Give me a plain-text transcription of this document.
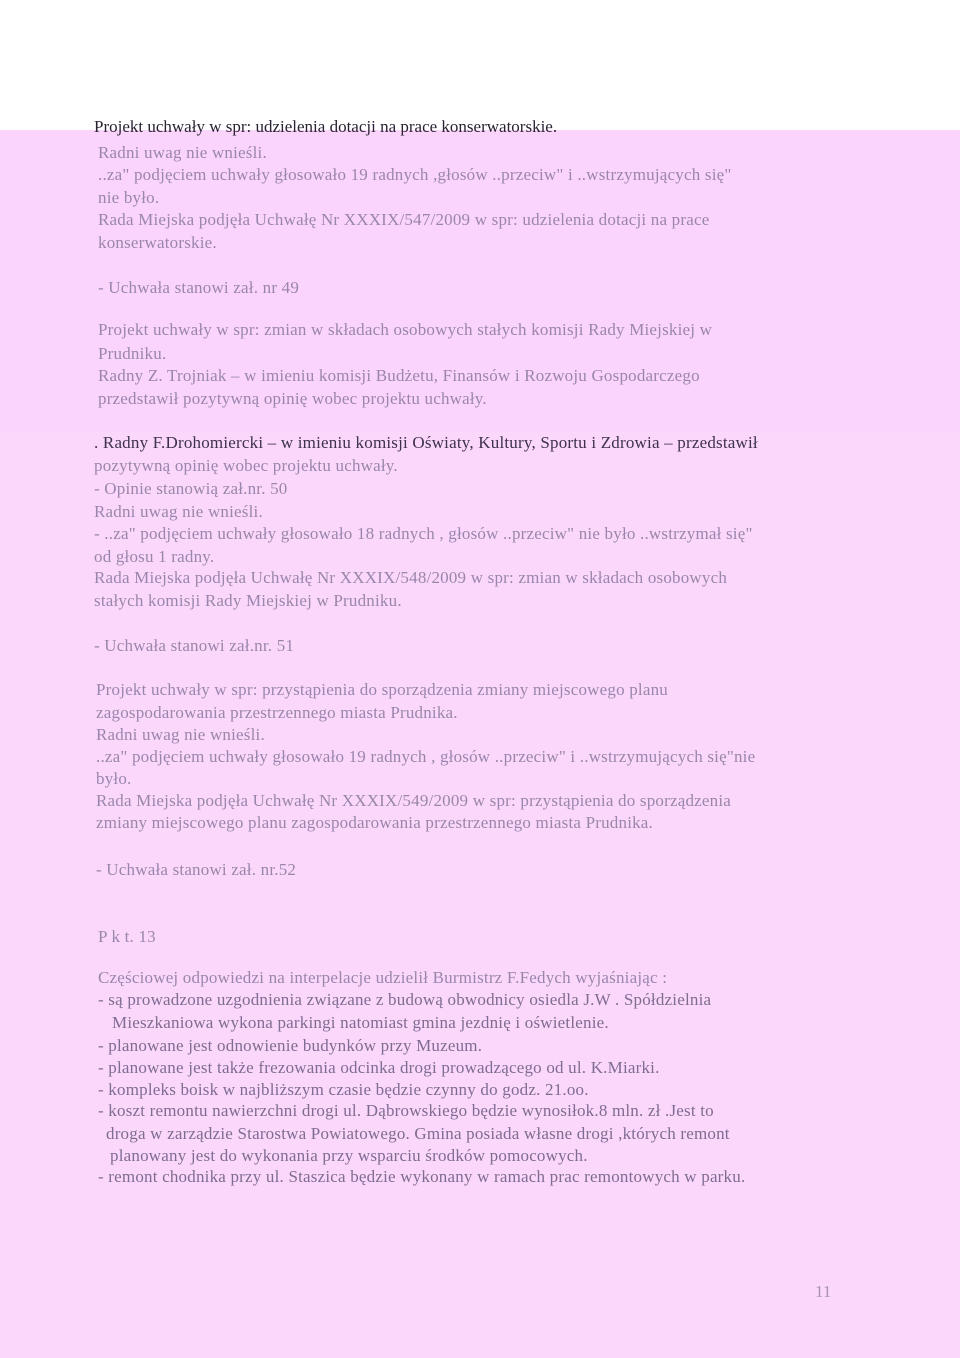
Projekt uchwały w spr: udzielenia dotacji na prace konserwatorskie.
Radni uwag nie wnieśli.
..za" podjęciem uchwały głosowało 19 radnych ,głosów ..przeciw" i ..wstrzymujących się"
nie było.
Rada Miejska podjęła Uchwałę Nr XXXIX/547/2009 w spr: udzielenia dotacji na prace
konserwatorskie.
- Uchwała stanowi zał. nr 49
Projekt uchwały w spr: zmian w składach osobowych stałych komisji Rady Miejskiej w
Prudniku.
Radny Z. Trojniak – w imieniu komisji Budżetu, Finansów i Rozwoju Gospodarczego
przedstawił pozytywną opinię wobec projektu uchwały.
. Radny F.Drohomiercki – w imieniu komisji Oświaty, Kultury, Sportu i Zdrowia – przedstawił
pozytywną opinię wobec projektu uchwały.
- Opinie stanowią zał.nr. 50
Radni uwag nie wnieśli.
- ..za" podjęciem uchwały głosowało 18 radnych , głosów ..przeciw" nie było ..wstrzymał się"
od głosu 1 radny.
Rada Miejska podjęła Uchwałę Nr XXXIX/548/2009 w spr: zmian w składach osobowych
stałych komisji Rady Miejskiej w Prudniku.
- Uchwała stanowi zał.nr. 51
Projekt uchwały w spr: przystąpienia do sporządzenia zmiany miejscowego planu
zagospodarowania przestrzennego miasta Prudnika.
Radni uwag nie wnieśli.
..za" podjęciem uchwały głosowało 19 radnych , głosów ..przeciw" i ..wstrzymujących się"nie
było.
Rada Miejska podjęła Uchwałę Nr XXXIX/549/2009 w spr: przystąpienia do sporządzenia
zmiany miejscowego planu zagospodarowania przestrzennego miasta Prudnika.
- Uchwała stanowi zał. nr.52
P k t. 13
Częściowej odpowiedzi na interpelacje udzielił Burmistrz F.Fedych wyjaśniając :
- są prowadzone uzgodnienia związane z budową obwodnicy osiedla J.W . Spółdzielnia
Mieszkaniowa wykona parkingi natomiast gmina jezdnię i oświetlenie.
- planowane jest odnowienie budynków przy Muzeum.
- planowane jest także frezowania odcinka drogi prowadzącego od ul. K.Miarki.
- kompleks boisk w najbliższym czasie będzie czynny do godz. 21.oo.
- koszt remontu nawierzchni drogi ul. Dąbrowskiego będzie wynosiłok.8 mln. zł .Jest to
droga w zarządzie Starostwa Powiatowego. Gmina posiada własne drogi ,których remont
planowany jest do wykonania przy wsparciu środków pomocowych.
- remont chodnika przy ul. Staszica będzie wykonany w ramach prac remontowych w parku.
11
